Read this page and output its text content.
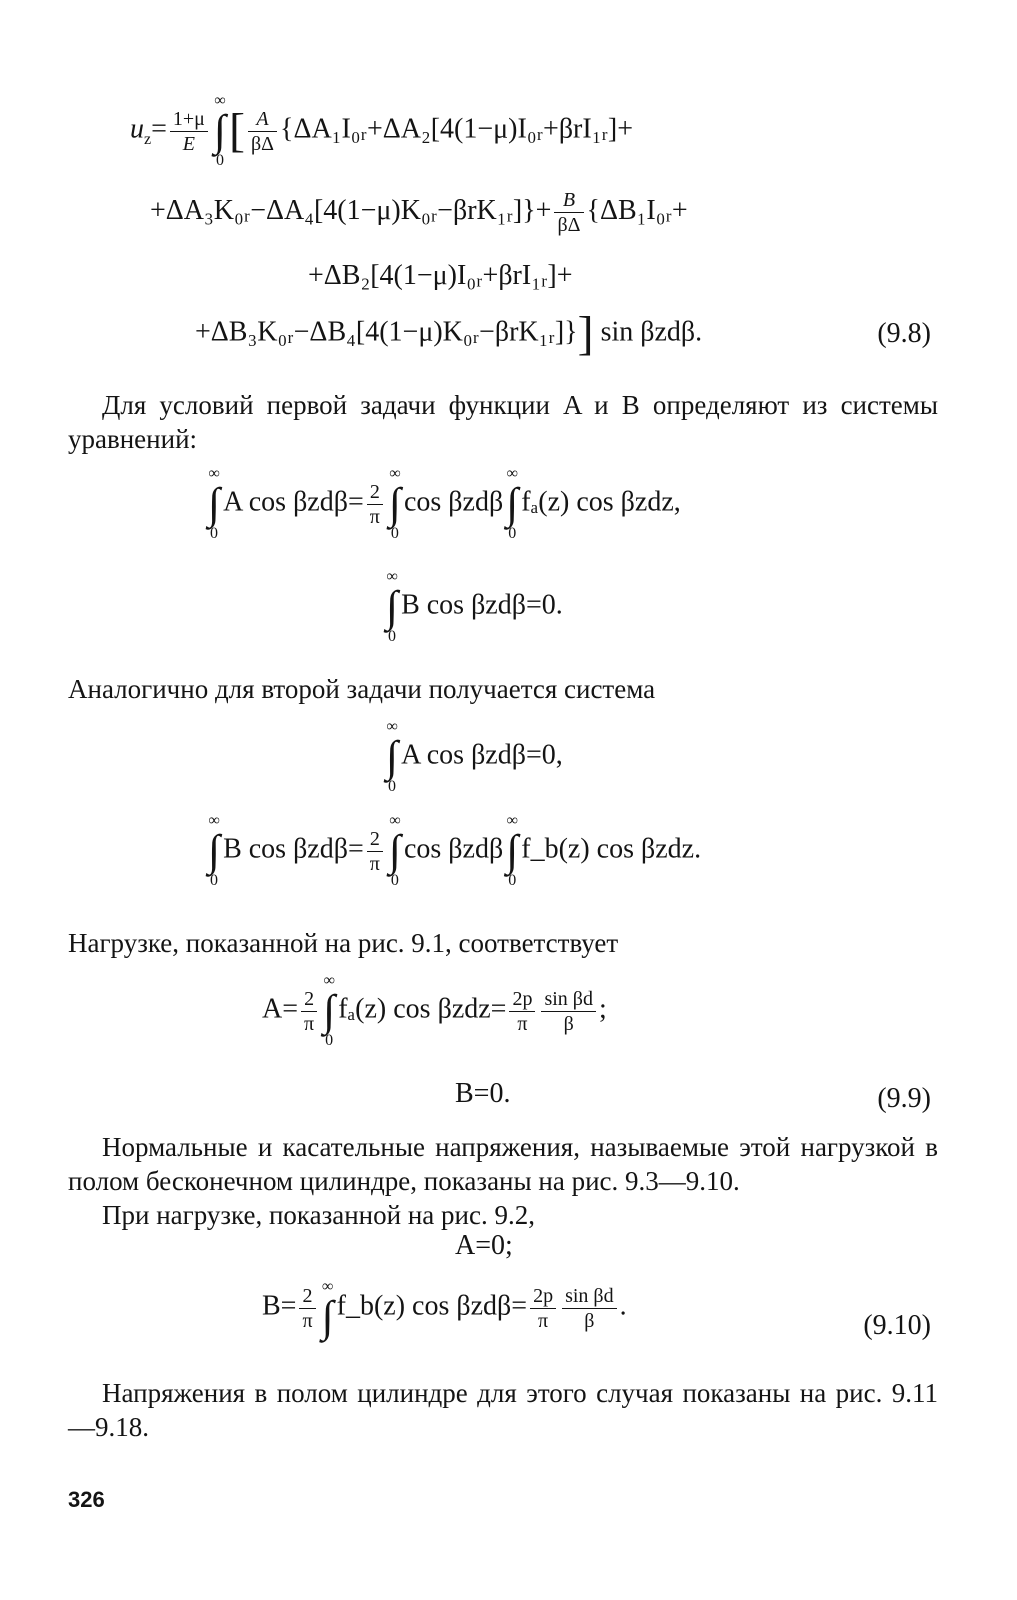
$u_z= \frac{1+\mu}{E}$
∞
∫
0
[ $\frac{A}{\beta\Delta}$ {ΔA₁I₀ᵣ+ΔA₂[4(1−μ)I₀ᵣ+βrI₁ᵣ]+
+ΔA₃K₀ᵣ−ΔA₄[4(1−μ)K₀ᵣ−βrK₁ᵣ]}+ $\frac{B}{\beta\Delta}$ {ΔB₁I₀ᵣ+
+ΔB₂[4(1−μ)I₀ᵣ+βrI₁ᵣ]+
+ΔB₃K₀ᵣ−ΔB₄[4(1−μ)K₀ᵣ−βrK₁ᵣ]}] sin βzdβ.	(9.8)
Для условий первой задачи функции A и B определяют из системы уравнений:
∞
∫
0
A $\cos \beta zd\beta= \frac{2}{\pi}$
∞
∫
0
cos βzdβ
∞
∫
0
fₐ(z) cos βzdz,
∞
∫
0
B cos βzdβ=0.
Аналогично для второй задачи получается система
∞
∫
0
A cos βzdβ=0,
∞
∫
0
B $\cos \beta zd\beta= \frac{2}{\pi}$
∞
∫
0
cos βzdβ
∞
∫
0
f_b(z) cos βzdz.
Нагрузке, показанной на рис. 9.1, соответствует
$A= \frac{2}{\pi}$
∞
∫
0
fₐ(z) $\cos \beta zdz= \frac{2p}{\pi} \frac{\text{sin βd}}{\beta}$ ;
B=0.	(9.9)
Нормальные и касательные напряжения, называемые этой нагрузкой в полом бесконечном цилиндре, показаны на рис. 9.3—9.10.
При нагрузке, показанной на рис. 9.2,
A=0;
$B= \frac{2}{\pi}$ ∞
∫ f_b(z) $\cos \beta zd\beta= \frac{2p}{\pi} \frac{\text{sin βd}}{\beta}$ .
(9.10)
Напряжения в полом цилиндре для этого случая показаны на рис. 9.11—9.18.
326
